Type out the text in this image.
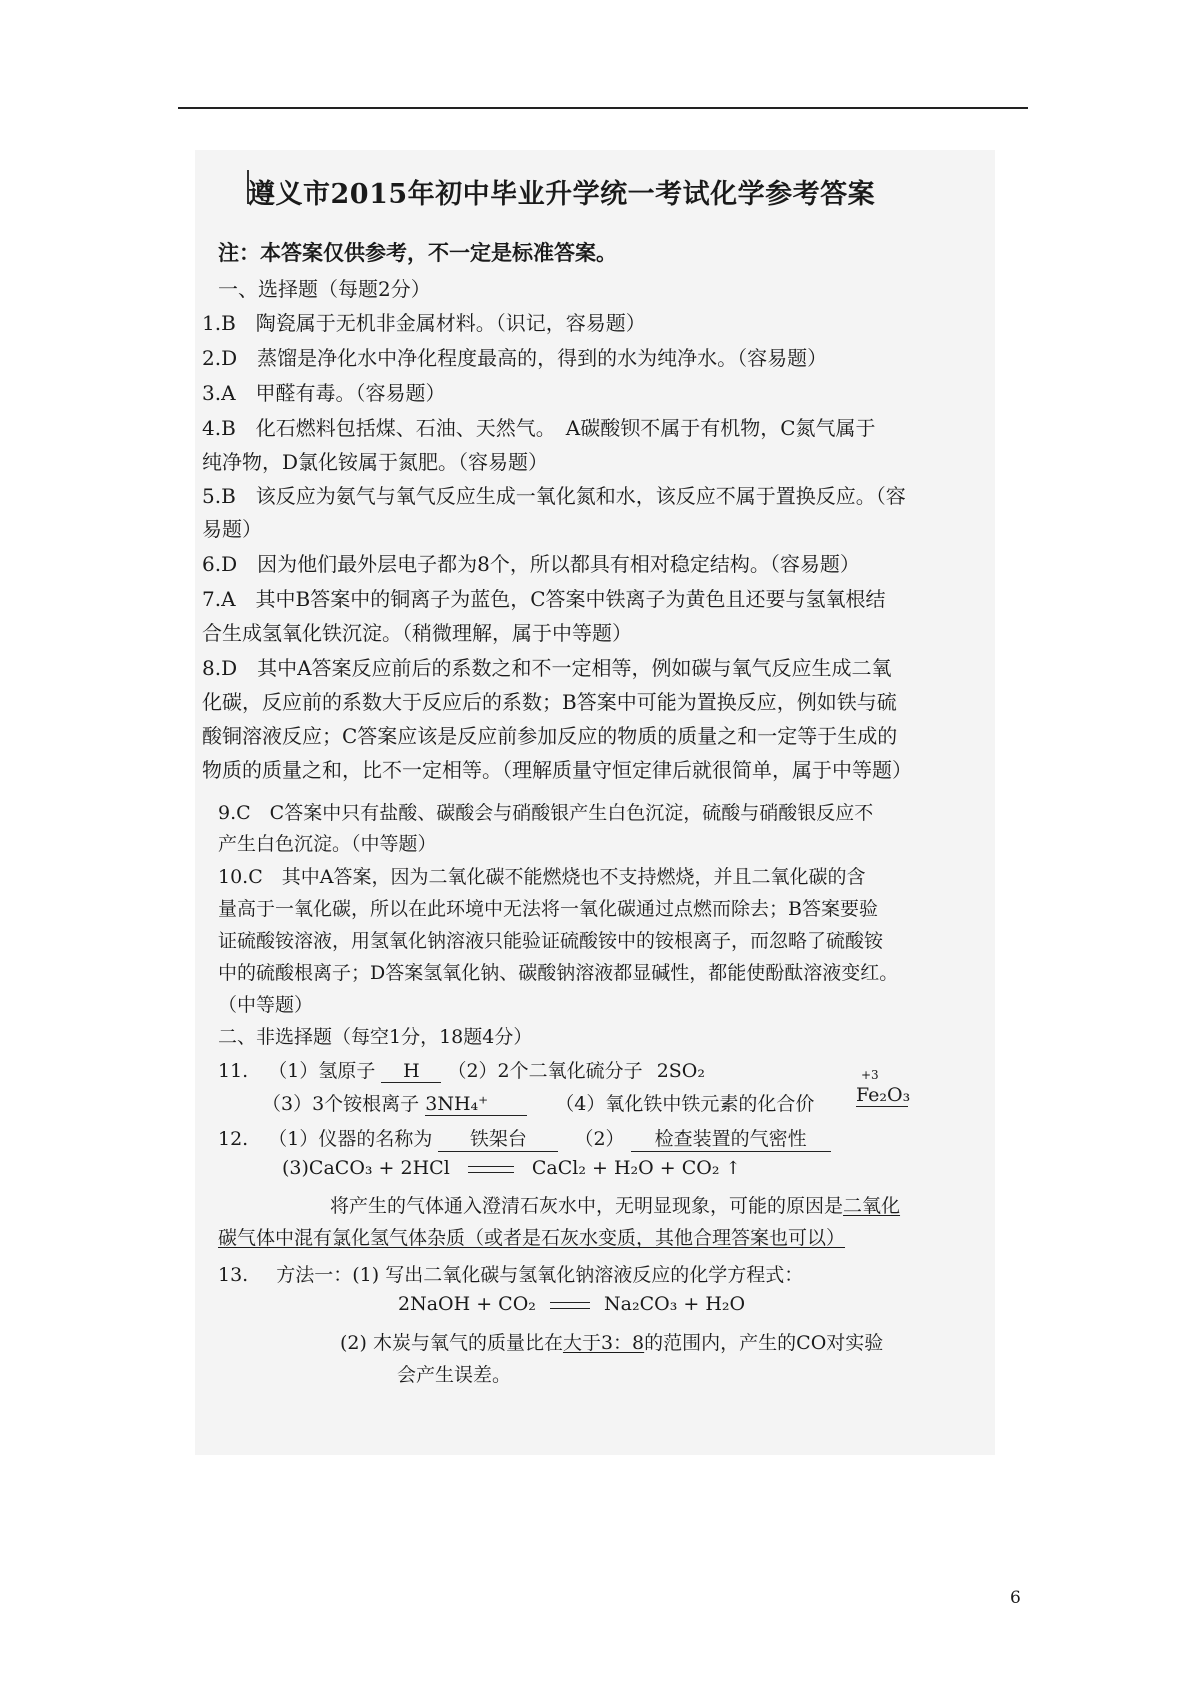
遵义市2015年初中毕业升学统一考试化学参考答案
注：本答案仅供参考，不一定是标准答案。
一、选择题（每题2分）
1.B　陶瓷属于无机非金属材料。（识记，容易题）
2.D　蒸馏是净化水中净化程度最高的，得到的水为纯净水。（容易题）
3.A　甲醛有毒。（容易题）
4.B　化石燃料包括煤、石油、天然气。　A碳酸钡不属于有机物，C氮气属于
纯净物，D氯化铵属于氮肥。（容易题）
5.B　该反应为氨气与氧气反应生成一氧化氮和水，该反应不属于置换反应。（容
易题）
6.D　因为他们最外层电子都为8个，所以都具有相对稳定结构。（容易题）
7.A　其中B答案中的铜离子为蓝色，C答案中铁离子为黄色且还要与氢氧根结
合生成氢氧化铁沉淀。（稍微理解，属于中等题）
8.D　其中A答案反应前后的系数之和不一定相等，例如碳与氧气反应生成二氧
化碳，反应前的系数大于反应后的系数；B答案中可能为置换反应，例如铁与硫
酸铜溶液反应；C答案应该是反应前参加反应的物质的质量之和一定等于生成的
物质的质量之和，比不一定相等。（理解质量守恒定律后就很简单，属于中等题）
9.C　C答案中只有盐酸、碳酸会与硝酸银产生白色沉淀，硫酸与硝酸银反应不
产生白色沉淀。（中等题）
10.C　其中A答案，因为二氧化碳不能燃烧也不支持燃烧，并且二氧化碳的含
量高于一氧化碳，所以在此环境中无法将一氧化碳通过点燃而除去；B答案要验
证硫酸铵溶液，用氢氧化钠溶液只能验证硫酸铵中的铵根离子，而忽略了硫酸铵
中的硫酸根离子；D答案氢氧化钠、碳酸钠溶液都显碱性，都能使酚酞溶液变红。
（中等题）
二、非选择题（每空1分，18题4分）
11. （1）氢原子 H （2）2个二氧化硫分子 2SO₂
（3）3个铵根离子 3NH₄⁺	（4）氧化铁中铁元素的化合价
+3
Fe₂O₃
12. （1）仪器的名称为 铁架台	（2） 检查装置的气密性
(3)CaCO₃ + 2HCl	CaCl₂ + H₂O + CO₂ ↑
将产生的气体通入澄清石灰水中，无明显现象，可能的原因是二氧化
碳气体中混有氯化氢气体杂质（或者是石灰水变质，其他合理答案也可以）
13. 方法一：(1) 写出二氧化碳与氢氧化钠溶液反应的化学方程式：
2NaOH + CO₂	Na₂CO₃ + H₂O
(2) 木炭与氧气的质量比在大于3：8的范围内，产生的CO对实验
会产生误差。
6
